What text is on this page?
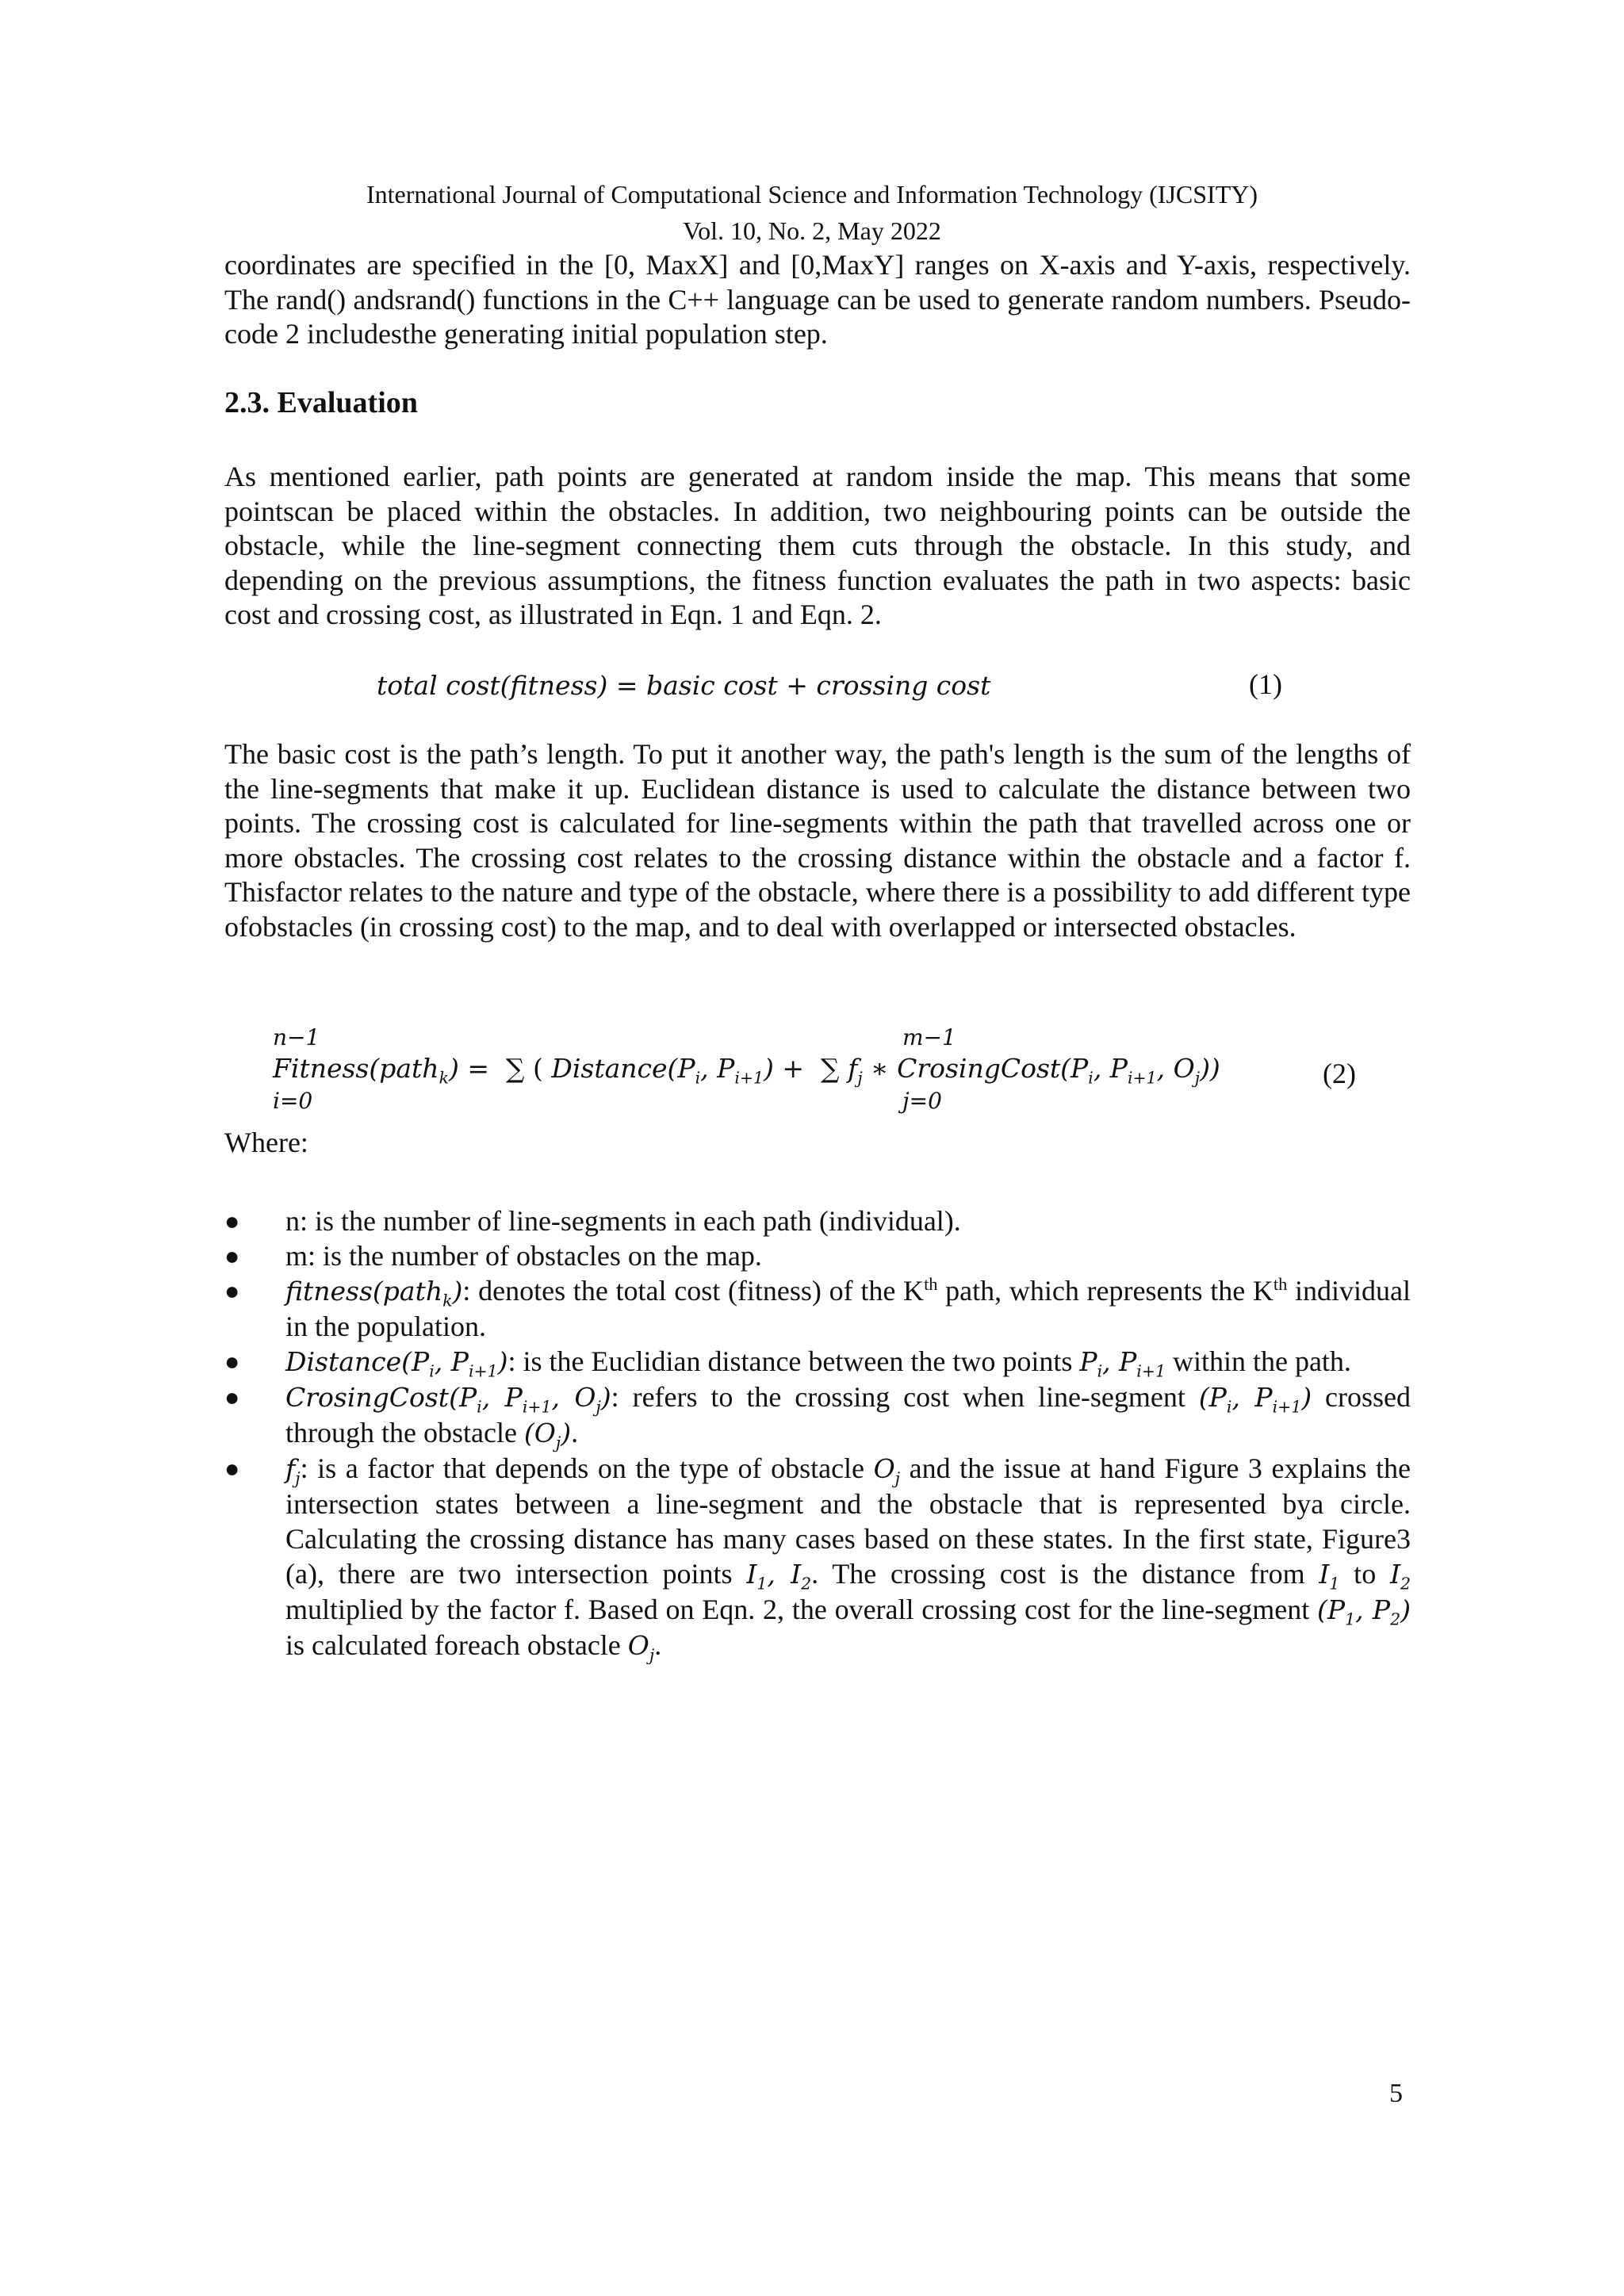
International Journal of Computational Science and Information Technology (IJCSITY)
Vol. 10, No. 2, May 2022

coordinates are specified in the [0, MaxX] and [0,MaxY] ranges on X-axis and Y-axis, respectively. The rand() andsrand() functions in the C++ language can be used to generate random numbers. Pseudo-code 2 includesthe generating initial population step.

2.3. Evaluation

As mentioned earlier, path points are generated at random inside the map. This means that some pointscan be placed within the obstacles. In addition, two neighbouring points can be outside the obstacle, while the line-segment connecting them cuts through the obstacle. In this study, and depending on the previous assumptions, the fitness function evaluates the path in two aspects: basic cost and crossing cost, as illustrated in Eqn. 1 and Eqn. 2.

total cost(fitness) = basic cost + crossing cost	(1)

The basic cost is the path’s length. To put it another way, the path's length is the sum of the lengths of the line-segments that make it up. Euclidean distance is used to calculate the distance between two points. The crossing cost is calculated for line-segments within the path that travelled across one or more obstacles. The crossing cost relates to the crossing distance within the obstacle and a factor f. Thisfactor relates to the nature and type of the obstacle, where there is a possibility to add different type ofobstacles (in crossing cost) to the map, and to deal with overlapped or intersected obstacles.

n−1
i=0
m−1
j=0
Fitness(path$_k$) = ∑ ( $Distance(P_i$, $P_{i+1}$) + ∑ $f_j$ ∗ $CrosingCost(P_i$, $P_{i+1}$, $O_j$))	(2)
Where:
● n: is the number of line-segments in each path (individual).
● m: is the number of obstacles on the map.
● fitness(path$_k$): denotes the total cost (fitness) of the $K^{th}$ path, which represents the $K^{th}$ individual in the population.
● $Distance(P_i$, $P_{i+1}$): is the Euclidian distance between the two points $P_i$, $P_{i+1}$ within the path.
● $CrosingCost(P_i$, $P_{i+1}$, $O_j$): refers to the crossing cost when line-segment ($P_i$, $P_{i+1}$) crossed through the obstacle $(O_j)$.
● $f_j$: is a factor that depends on the type of obstacle $O_j$ and the issue at hand Figure 3 explains the intersection states between a line-segment and the obstacle that is represented bya circle. Calculating the crossing distance has many cases based on these states. In the first state, Figure3 (a), there are two intersection points $I_1$, $I_2$. The crossing cost is the distance from $I_1$ to $I_2$ multiplied by the factor f. Based on Eqn. 2, the overall crossing cost for the line-segment ($P_1$, $P_2$) is calculated foreach obstacle $O_j$.
5
